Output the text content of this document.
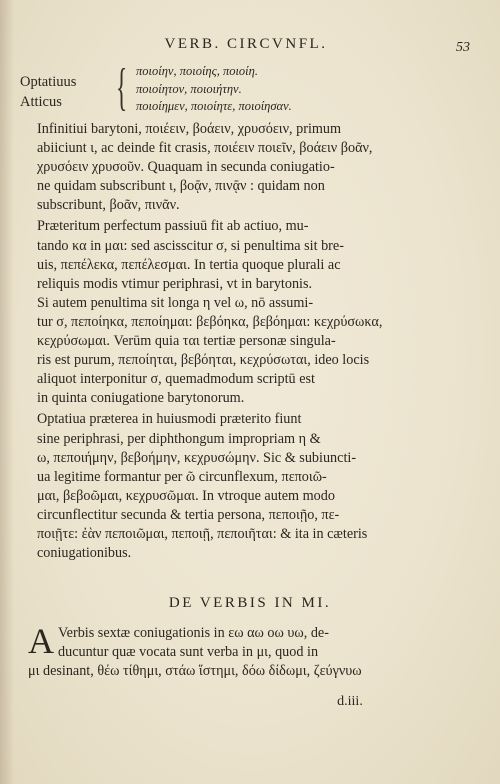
VERB. CIRCVNFL.	53
Optatiuus
Atticus { ποιοίην, ποιοίης, ποιοίη.
ποιοίητον, ποιοιήτην.
ποιοίημεν, ποιοίητε, ποιοίησαν.

Infinitiui barytoni, ποιέειν, βοάειν, χρυσόειν, primum
abiiciunt ι, ac deinde fit crasis, ποιέειν ποιεῖν, βοάειν βοᾶν,
χρυσόειν χρυσοῦν. Quaquam in secunda coniugatio-
ne quidam subscribunt ι, βοᾷν, πινᾷν : quidam non
subscribunt, βοᾶν, πινᾶν.

Præteritum perfectum passiuū fit ab actiuo, mu-
tando κα in μαι: sed ascisscitur σ, si penultima sit bre-
uis, πεπέλεκα, πεπέλεσμαι. In tertia quoque plurali ac
reliquis modis vtimur periphrasi, vt in barytonis.
Si autem penultima sit longa η vel ω, nō assumi-
tur σ, πεποίηκα, πεποίημαι: βεβόηκα, βεβόημαι: κεχρύσωκα,
κεχρύσωμαι. Verūm quia ται tertiæ personæ singula-
ris est purum, πεποίηται, βεβόηται, κεχρύσωται, ideo locis
aliquot interponitur σ, quemadmodum scriptū est
in quinta coniugatione barytonorum.

Optatiua præterea in huiusmodi præterito fiunt
sine periphrasi, per diphthongum impropriam η &
ω, πεποιήμην, βεβοήμην, κεχρυσώμην. Sic & subiuncti-
ua legitime formantur per ῶ circunflexum, πεποιῶ-
μαι, βεβοῶμαι, κεχρυσῶμαι. In vtroque autem modo
circunflectitur secunda & tertia persona, πεποιῇο, πε-
ποιῇτε: ἐὰν πεποιῶμαι, πεποιῇ, πεποιῆται: & ita in cæteris
coniugationibus.

DE VERBIS IN MI.
A Verbis sextæ coniugationis in εω αω οω υω, de-
ducuntur quæ vocata sunt verba in μι, quod in
μι desinant, θέω τίθημι, στάω ἵστημι, δόω δίδωμι, ζεύγνυω
d.iii.
